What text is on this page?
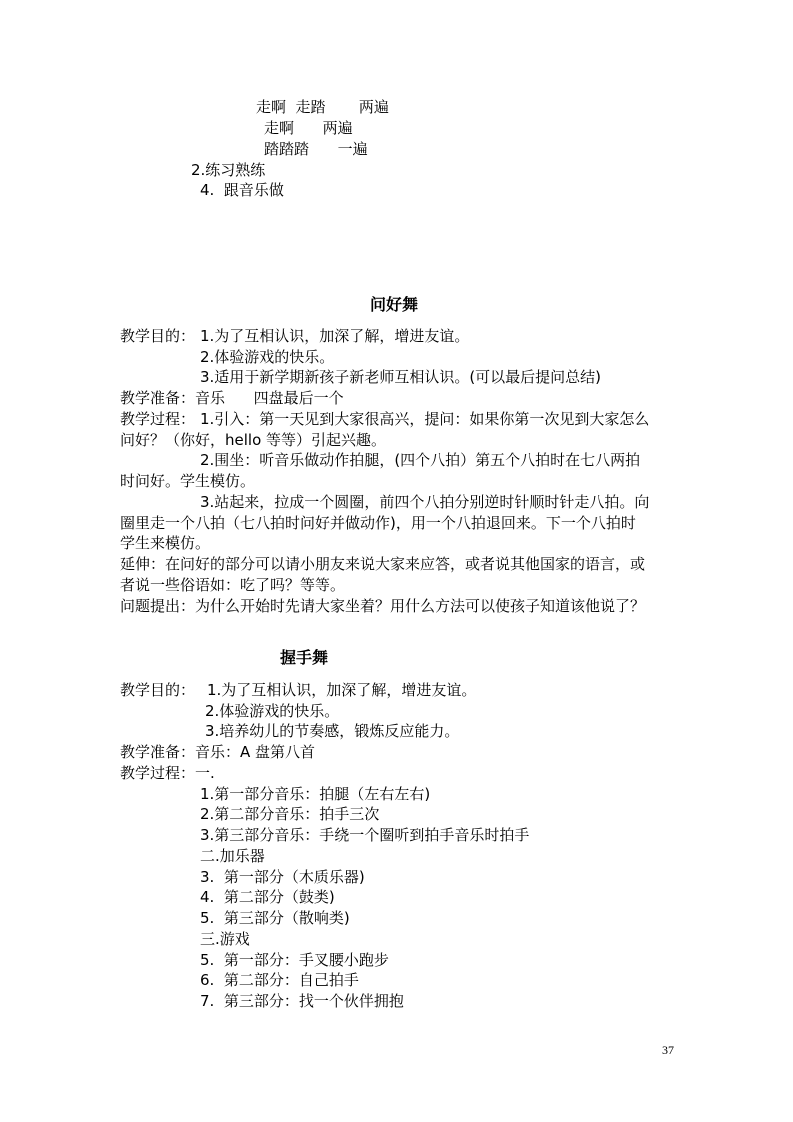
走啊  走踏       两遍
走啊      两遍
踏踏踏      一遍
2.练习熟练
4.  跟音乐做
问好舞
教学目的： 1.为了互相认识，加深了解，增进友谊。
2.体验游戏的快乐。
3.适用于新学期新孩子新老师互相认识。(可以最后提问总结)
教学准备：音乐      四盘最后一个
教学过程： 1.引入：第一天见到大家很高兴，提问：如果你第一次见到大家怎么
问好？（你好，hello 等等）引起兴趣。
2.围坐：听音乐做动作拍腿，(四个八拍）第五个八拍时在七八两拍
时问好。学生模仿。
3.站起来，拉成一个圆圈，前四个八拍分别逆时针顺时针走八拍。向
圈里走一个八拍（七八拍时问好并做动作)，用一个八拍退回来。下一个八拍时
学生来模仿。
延伸：在问好的部分可以请小朋友来说大家来应答，或者说其他国家的语言，或
者说一些俗语如：吃了吗？等等。
问题提出：为什么开始时先请大家坐着？用什么方法可以使孩子知道该他说了？
握手舞
教学目的： 1.为了互相认识，加深了解，增进友谊。
2.体验游戏的快乐。
3.培养幼儿的节奏感，锻炼反应能力。
教学准备：音乐：A 盘第八首
教学过程：一.
1.第一部分音乐：拍腿（左右左右)
2.第二部分音乐：拍手三次
3.第三部分音乐：手绕一个圈听到拍手音乐时拍手
二.加乐器
3.  第一部分（木质乐器)
4.  第二部分（鼓类)
5.  第三部分（散响类)
三.游戏
5.  第一部分：手叉腰小跑步
6.  第二部分：自己拍手
7.  第三部分：找一个伙伴拥抱
37
